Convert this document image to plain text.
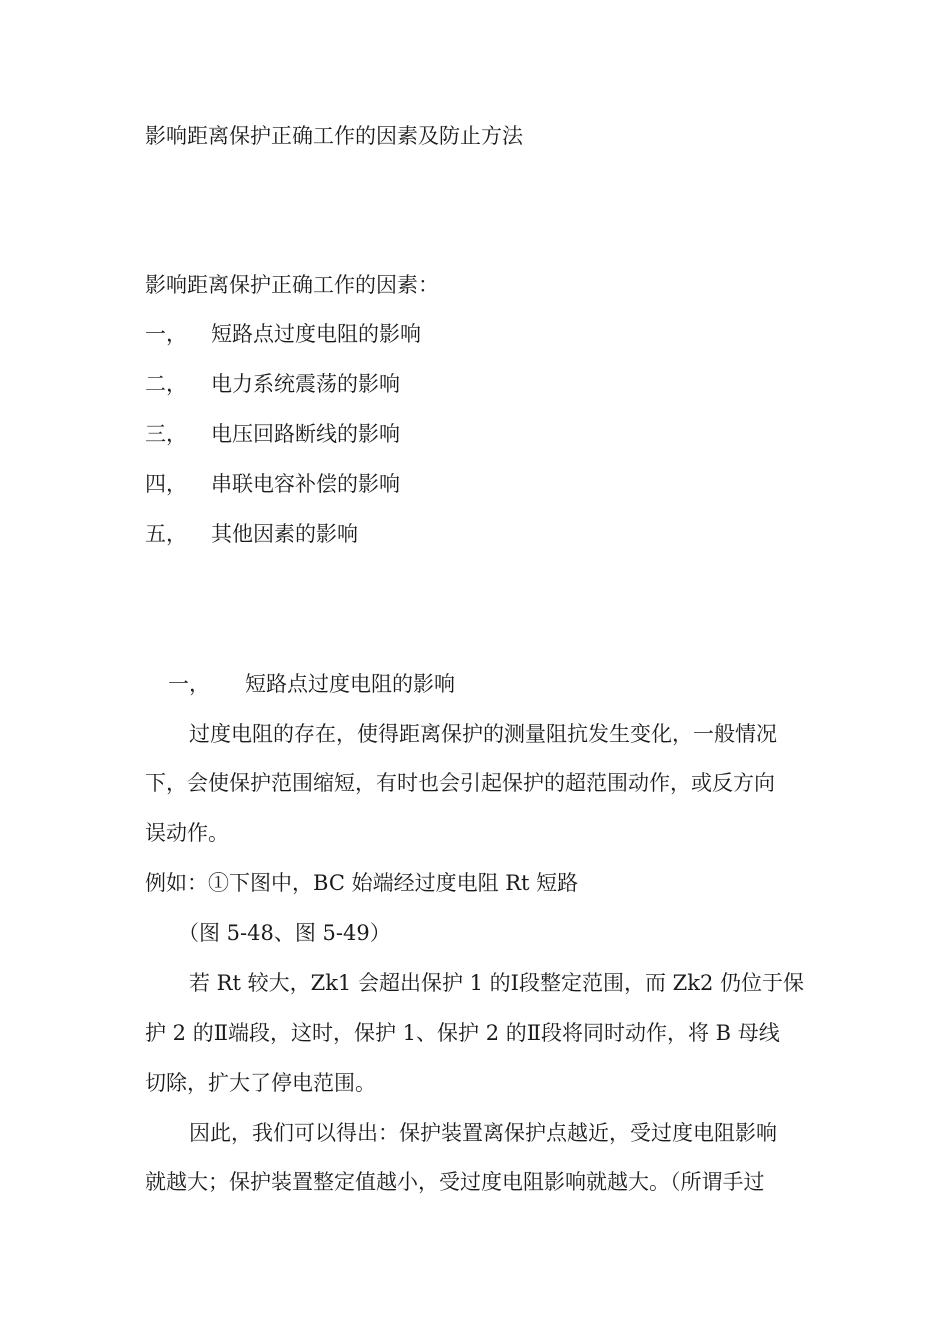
影响距离保护正确工作的因素及防止方法
影响距离保护正确工作的因素：
一， 短路点过度电阻的影响
二， 电力系统震荡的影响
三， 电压回路断线的影响
四， 串联电容补偿的影响
五， 其他因素的影响
一， 短路点过度电阻的影响
过度电阻的存在，使得距离保护的测量阻抗发生变化，一般情况
下，会使保护范围缩短，有时也会引起保护的超范围动作，或反方向
误动作。
例如：①下图中，BC 始端经过度电阻 Rt 短路
（图 5-48、图 5-49）
若 Rt 较大，Zk1 会超出保护 1 的Ⅰ段整定范围，而 Zk2 仍位于保
护 2 的Ⅱ端段，这时，保护 1、保护 2 的Ⅱ段将同时动作，将 B 母线
切除，扩大了停电范围。
因此，我们可以得出：保护装置离保护点越近，受过度电阻影响
就越大；保护装置整定值越小，受过度电阻影响就越大。（所谓手过
